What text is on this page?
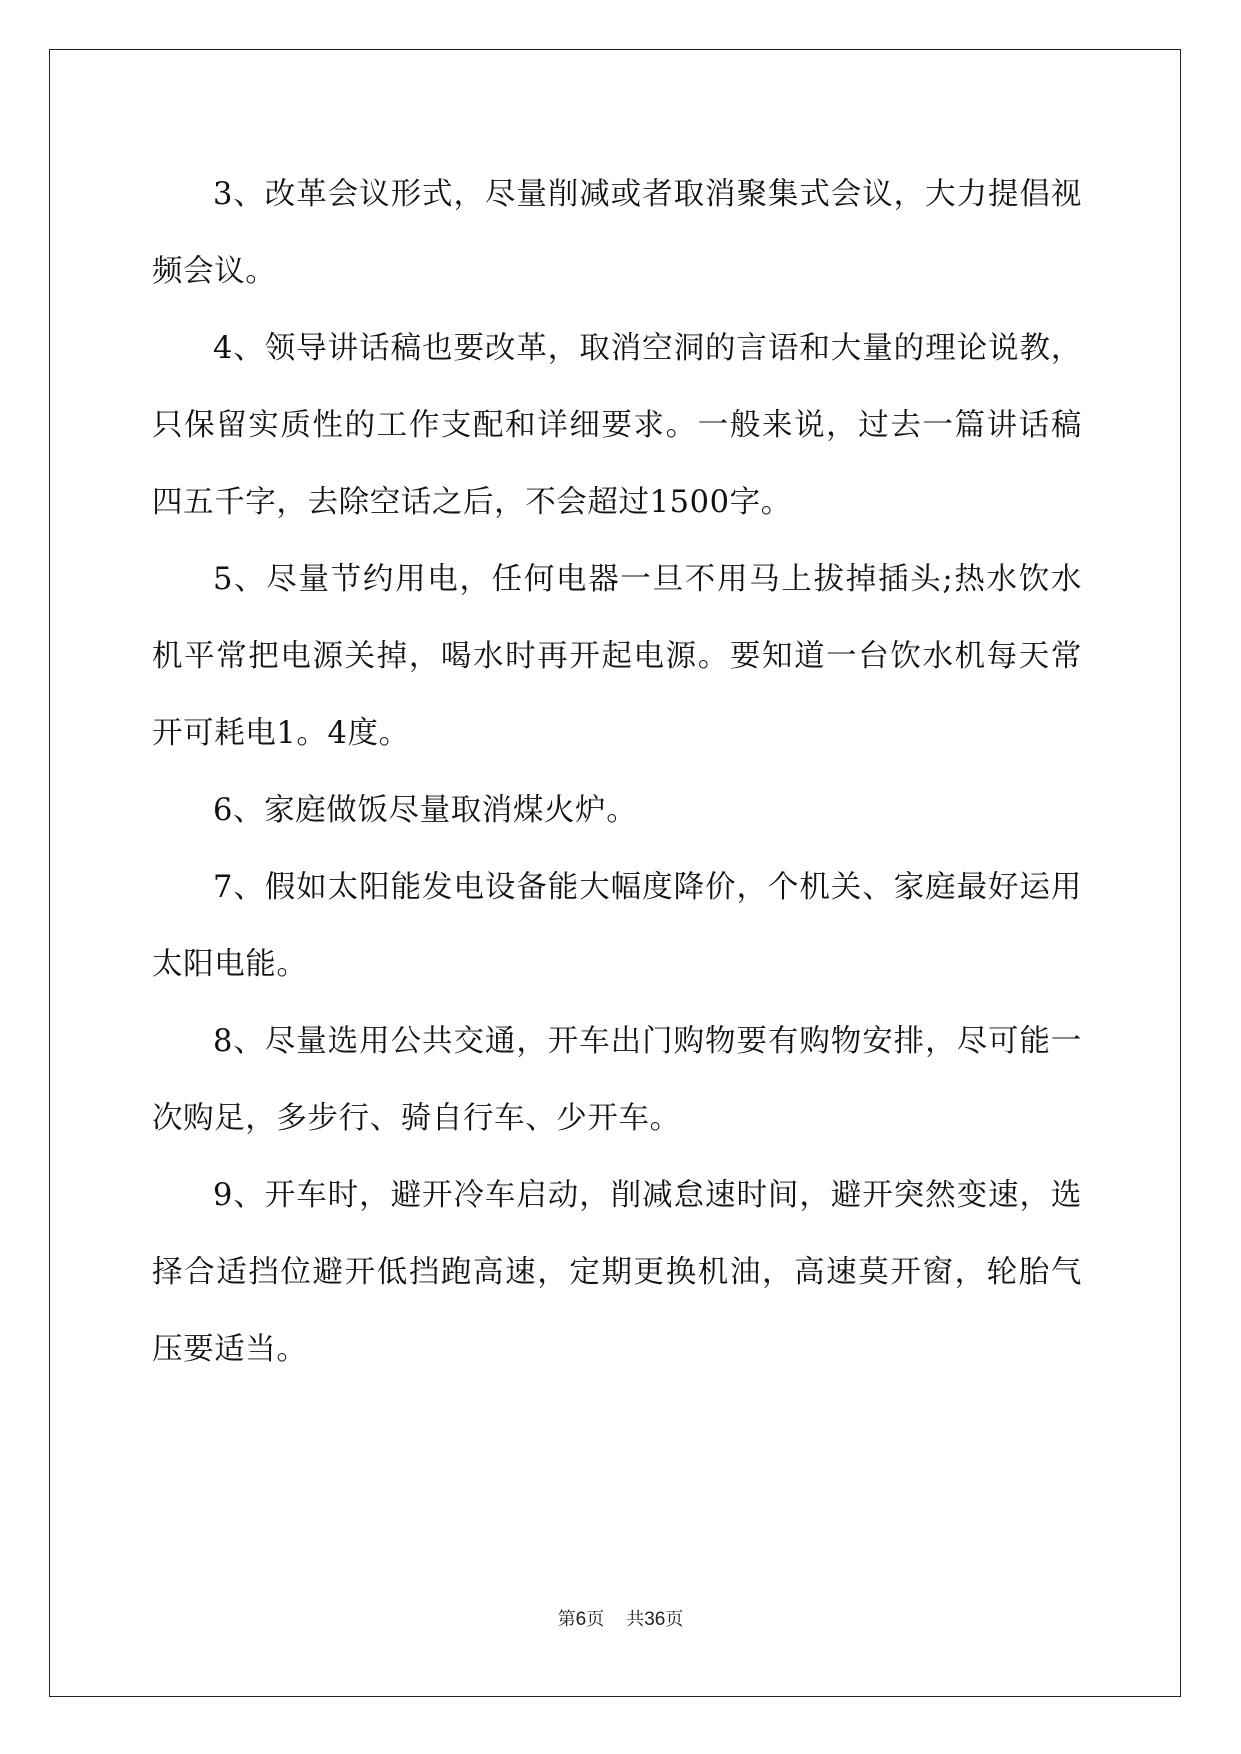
3、改革会议形式，尽量削减或者取消聚集式会议，大力提倡视频会议。

4、领导讲话稿也要改革，取消空洞的言语和大量的理论说教，只保留实质性的工作支配和详细要求。一般来说，过去一篇讲话稿四五千字，去除空话之后，不会超过1500字。

5、尽量节约用电，任何电器一旦不用马上拔掉插头;热水饮水机平常把电源关掉，喝水时再开起电源。要知道一台饮水机每天常开可耗电1。4度。

6、家庭做饭尽量取消煤火炉。

7、假如太阳能发电设备能大幅度降价，个机关、家庭最好运用太阳电能。

8、尽量选用公共交通，开车出门购物要有购物安排，尽可能一次购足，多步行、骑自行车、少开车。

9、开车时，避开冷车启动，削减怠速时间，避开突然变速，选择合适挡位避开低挡跑高速，定期更换机油，高速莫开窗，轮胎气压要适当。

第6页 共36页
